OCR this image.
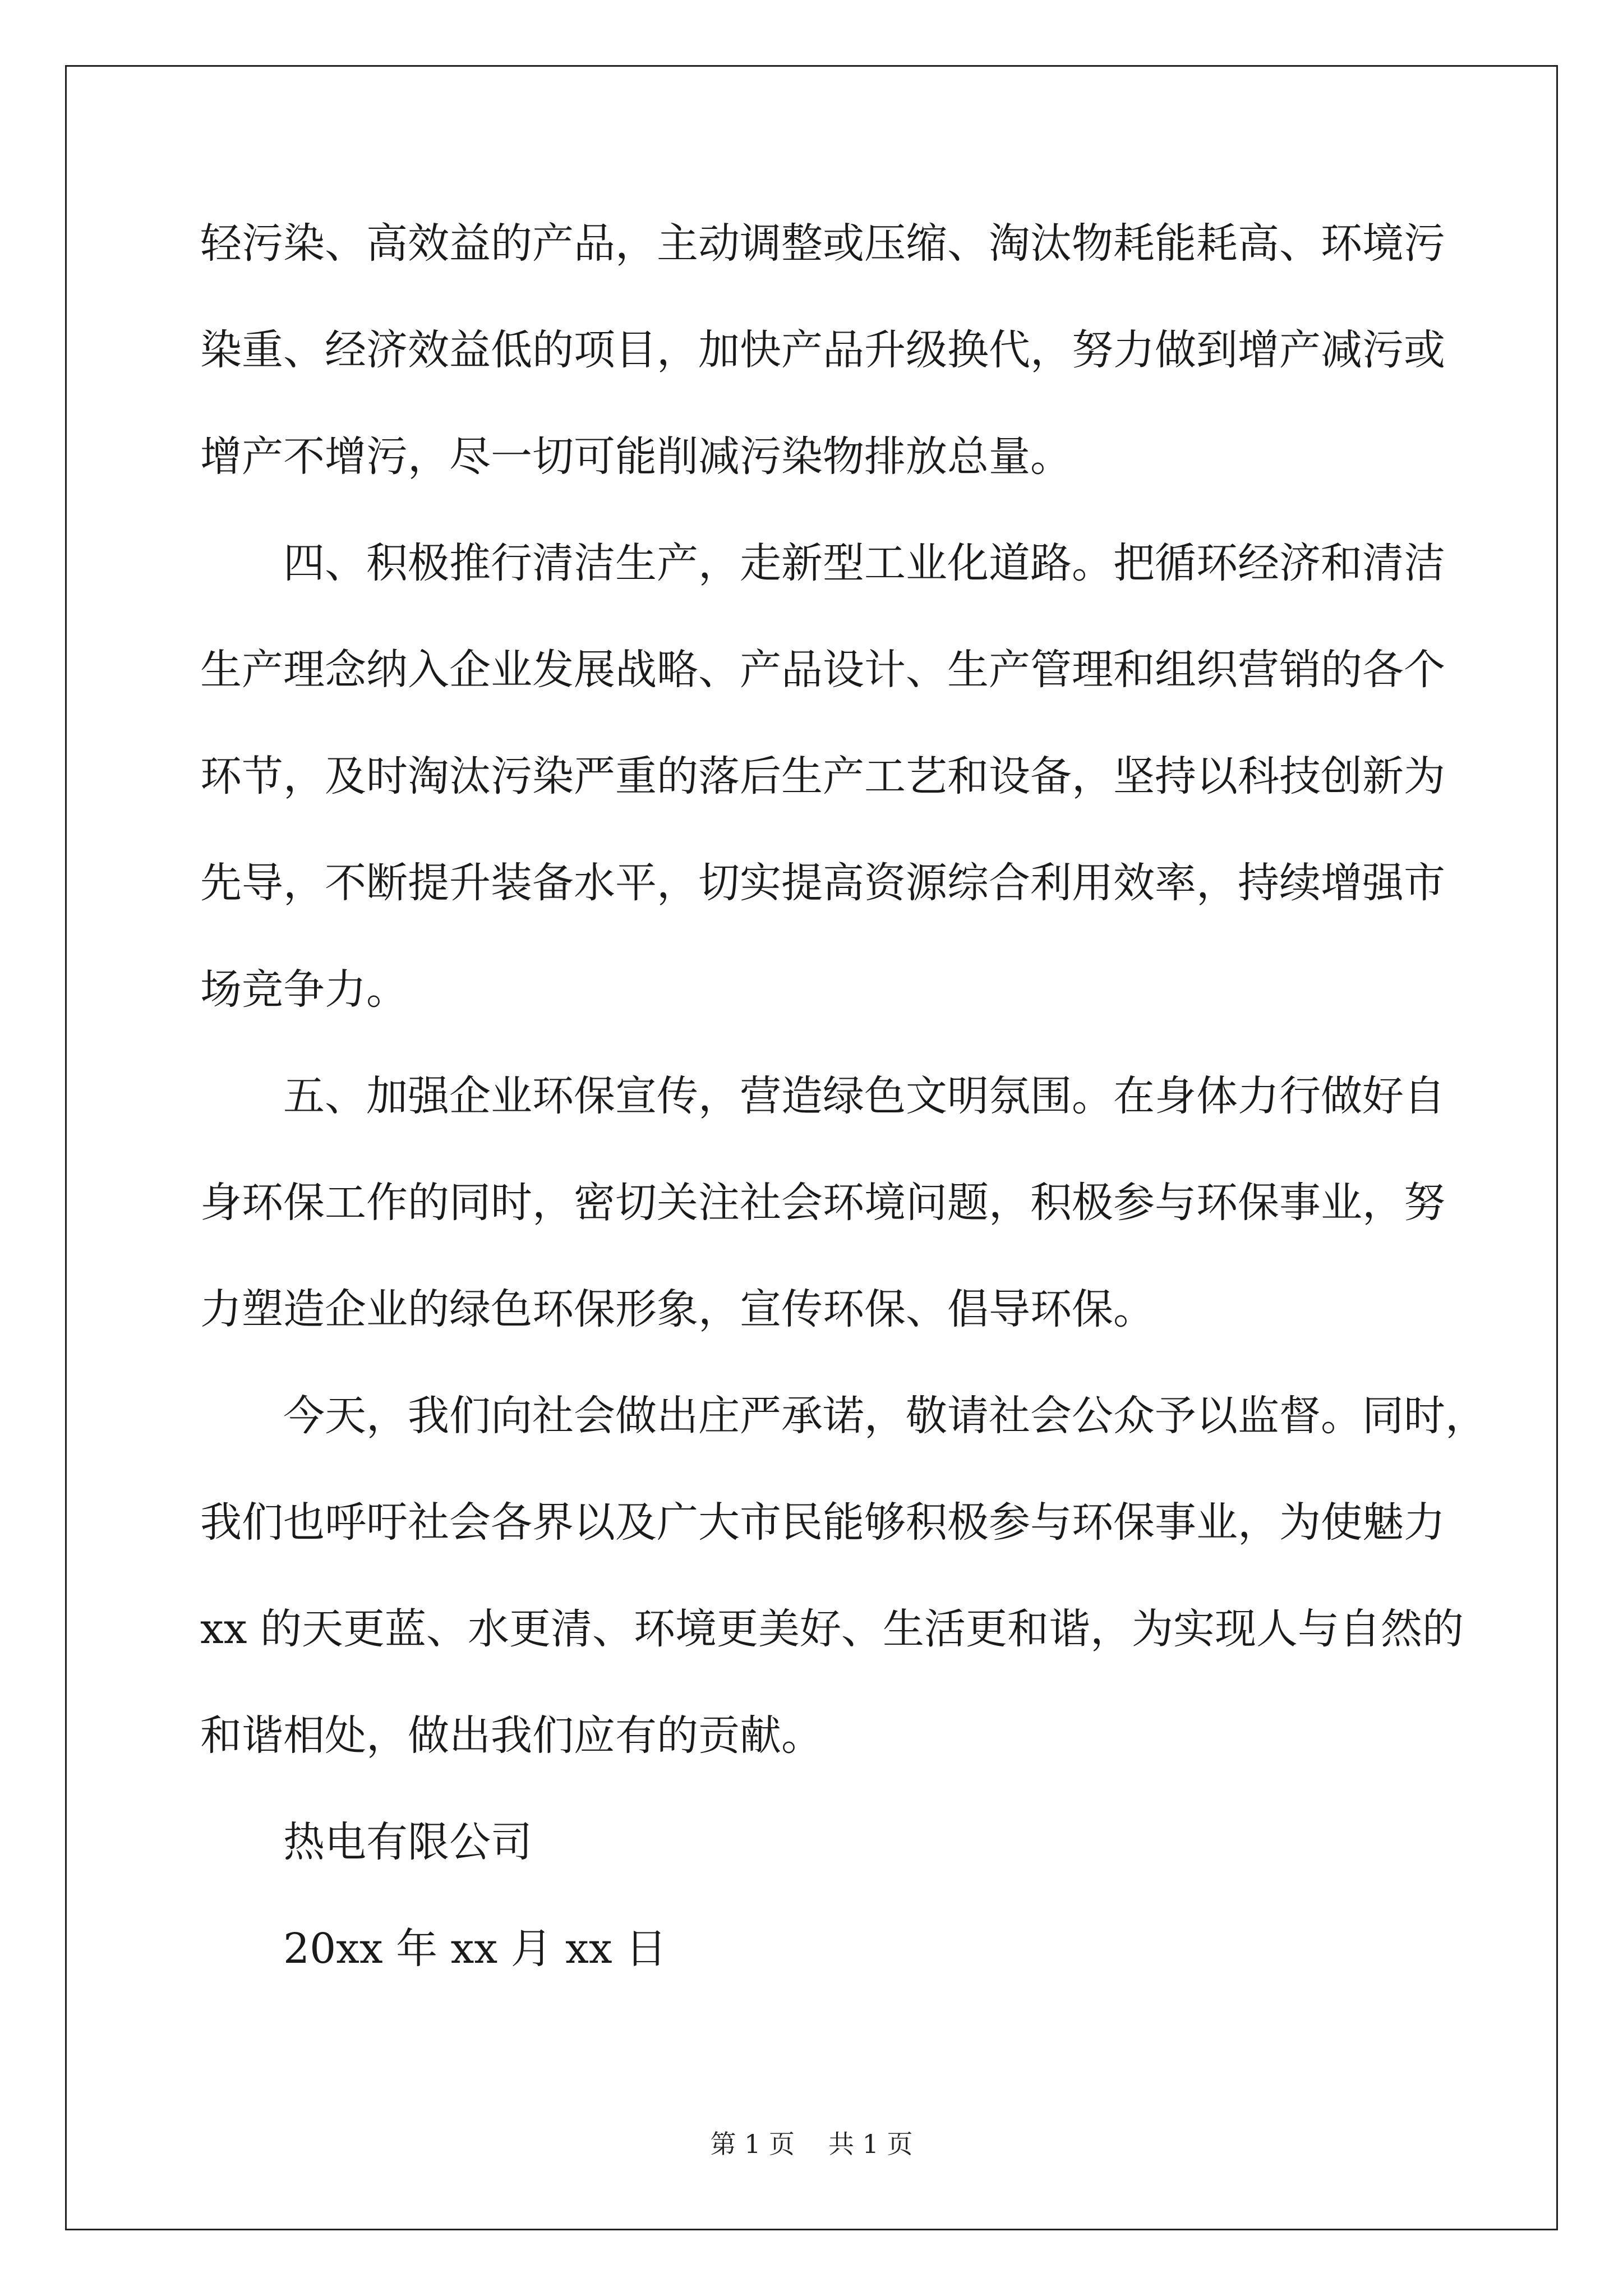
轻污染、高效益的产品，主动调整或压缩、淘汰物耗能耗高、环境污
染重、经济效益低的项目，加快产品升级换代，努力做到增产减污或
增产不增污，尽一切可能削减污染物排放总量。
四、积极推行清洁生产，走新型工业化道路。把循环经济和清洁
生产理念纳入企业发展战略、产品设计、生产管理和组织营销的各个
环节，及时淘汰污染严重的落后生产工艺和设备，坚持以科技创新为
先导，不断提升装备水平，切实提高资源综合利用效率，持续增强市
场竞争力。
五、加强企业环保宣传，营造绿色文明氛围。在身体力行做好自
身环保工作的同时，密切关注社会环境问题，积极参与环保事业，努
力塑造企业的绿色环保形象，宣传环保、倡导环保。
今天，我们向社会做出庄严承诺，敬请社会公众予以监督。同时，
我们也呼吁社会各界以及广大市民能够积极参与环保事业，为使魅力
xx 的天更蓝、水更清、环境更美好、生活更和谐，为实现人与自然的
和谐相处，做出我们应有的贡献。
热电有限公司
20xx 年 xx 月 xx 日
第 1 页 共 1 页
